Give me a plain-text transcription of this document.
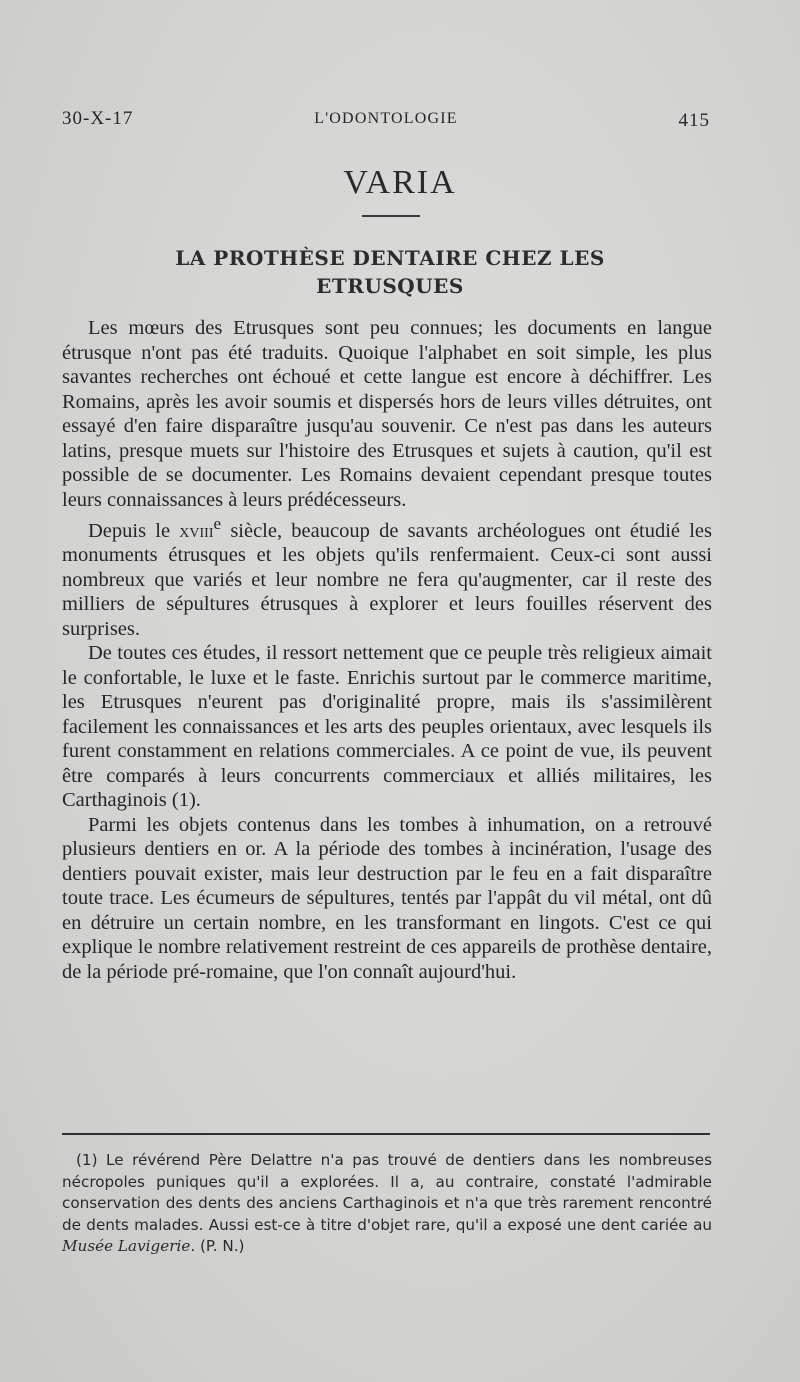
30-X-17	L'ODONTOLOGIE	415
VARIA
LA PROTHÈSE DENTAIRE CHEZ LES ETRUSQUES

Les mœurs des Etrusques sont peu connues; les documents en langue étrusque n'ont pas été traduits. Quoique l'alphabet en soit simple, les plus savantes recherches ont échoué et cette langue est encore à déchiffrer. Les Romains, après les avoir soumis et dispersés hors de leurs villes détruites, ont essayé d'en faire disparaître jusqu'au souvenir. Ce n'est pas dans les auteurs latins, presque muets sur l'histoire des Etrusques et sujets à caution, qu'il est possible de se documenter. Les Romains devaient cependant presque toutes leurs connaissances à leurs prédécesseurs.

Depuis le xviii$^e$ siècle, beaucoup de savants archéologues ont étudié les monuments étrusques et les objets qu'ils renfermaient. Ceux-ci sont aussi nombreux que variés et leur nombre ne fera qu'augmenter, car il reste des milliers de sépultures étrusques à explorer et leurs fouilles réservent des surprises.

De toutes ces études, il ressort nettement que ce peuple très religieux aimait le confortable, le luxe et le faste. Enrichis surtout par le commerce maritime, les Etrusques n'eurent pas d'originalité propre, mais ils s'assimilèrent facilement les connaissances et les arts des peuples orientaux, avec lesquels ils furent constamment en relations commerciales. A ce point de vue, ils peuvent être comparés à leurs concurrents commerciaux et alliés militaires, les Carthaginois (1).

Parmi les objets contenus dans les tombes à inhumation, on a retrouvé plusieurs dentiers en or. A la période des tombes à incinération, l'usage des dentiers pouvait exister, mais leur destruction par le feu en a fait disparaître toute trace. Les écumeurs de sépultures, tentés par l'appât du vil métal, ont dû en détruire un certain nombre, en les transformant en lingots. C'est ce qui explique le nombre relativement restreint de ces appareils de prothèse dentaire, de la période pré-romaine, que l'on connaît aujourd'hui.

(1) Le révérend Père Delattre n'a pas trouvé de dentiers dans les nombreuses nécropoles puniques qu'il a explorées. Il a, au contraire, constaté l'admirable conservation des dents des anciens Carthaginois et n'a que très rarement rencontré de dents malades. Aussi est-ce à titre d'objet rare, qu'il a exposé une dent cariée au Musée Lavigerie. (P. N.)
